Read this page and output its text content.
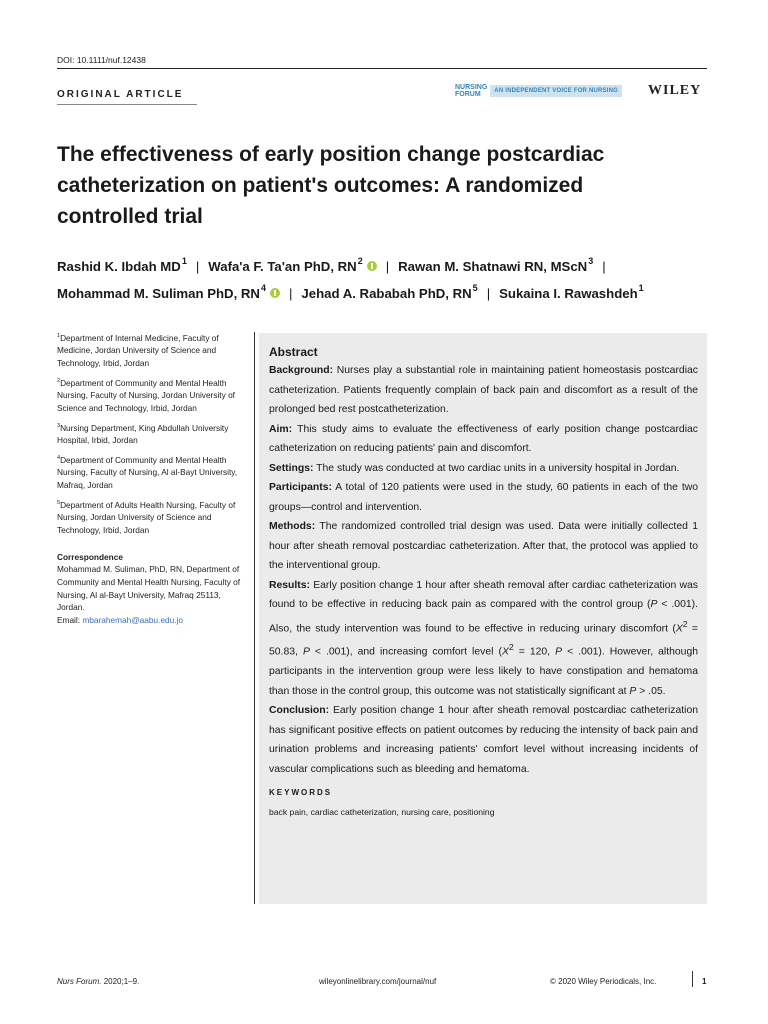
DOI: 10.1111/nuf.12438
ORIGINAL ARTICLE
NURSING
FORUM	AN INDEPENDENT VOICE FOR NURSING WILEY
The effectiveness of early position change postcardiac catheterization on patient's outcomes: A randomized controlled trial
Rashid K. Ibdah $MD^1$ | Wafa'a F. Ta'an PhD, $RN^2$ | Rawan M. Shatnawi RN, MScN$^3$ |
Mohammad M. Suliman PhD, $RN^4$ | Jehad A. Rababah PhD, $RN^5$ | Sukaina I. Rawashdeh$^1$
$^1$Department of Internal Medicine, Faculty of Medicine, Jordan University of Science and Technology, Irbid, Jordan
$^2$Department of Community and Mental Health Nursing, Faculty of Nursing, Jordan University of Science and Technology, Irbid, Jordan
$^3$Nursing Department, King Abdullah University Hospital, Irbid, Jordan
$^4$Department of Community and Mental Health Nursing, Faculty of Nursing, Al al-Bayt University, Mafraq, Jordan
$^5$Department of Adults Health Nursing, Faculty of Nursing, Jordan University of Science and Technology, Irbid, Jordan
Correspondence
Mohammad M. Suliman, PhD, RN, Department of Community and Mental Health Nursing, Faculty of Nursing, Al al-Bayt University, Mafraq 25113, Jordan.
Email: mbarahemah@aabu.edu.jo
Abstract

Background: Nurses play a substantial role in maintaining patient homeostasis postcardiac catheterization. Patients frequently complain of back pain and discomfort as a result of the prolonged bed rest postcatheterization.

Aim: This study aims to evaluate the effectiveness of early position change postcardiac catheterization on reducing patients' pain and discomfort.

Settings: The study was conducted at two cardiac units in a university hospital in Jordan.

Participants: A total of 120 patients were used in the study, 60 patients in each of the two groups—control and intervention.

Methods: The randomized controlled trial design was used. Data were initially collected 1 hour after sheath removal postcardiac catheterization. After that, the protocol was applied to the interventional group.

Results: Early position change 1 hour after sheath removal after cardiac catheterization was found to be effective in reducing back pain as compared with the control group (P < .001). Also, the study intervention was found to be effective in reducing urinary discomfort ($X^2 = 50.83$, P < .001), and increasing comfort level ($X^2 = 120$, P < .001). However, although participants in the intervention group were less likely to have constipation and hematoma than those in the control group, this outcome was not statistically significant at P > .05.

Conclusion: Early position change 1 hour after sheath removal postcardiac catheterization has significant positive effects on patient outcomes by reducing the intensity of back pain and urination problems and increasing patients' comfort level without increasing incidents of vascular complications such as bleeding and hematoma.

KEYWORDS
back pain, cardiac catheterization, nursing care, positioning
Nurs Forum. 2020;1–9.	wileyonlinelibrary.com/journal/nuf	© 2020 Wiley Periodicals, Inc.	1
